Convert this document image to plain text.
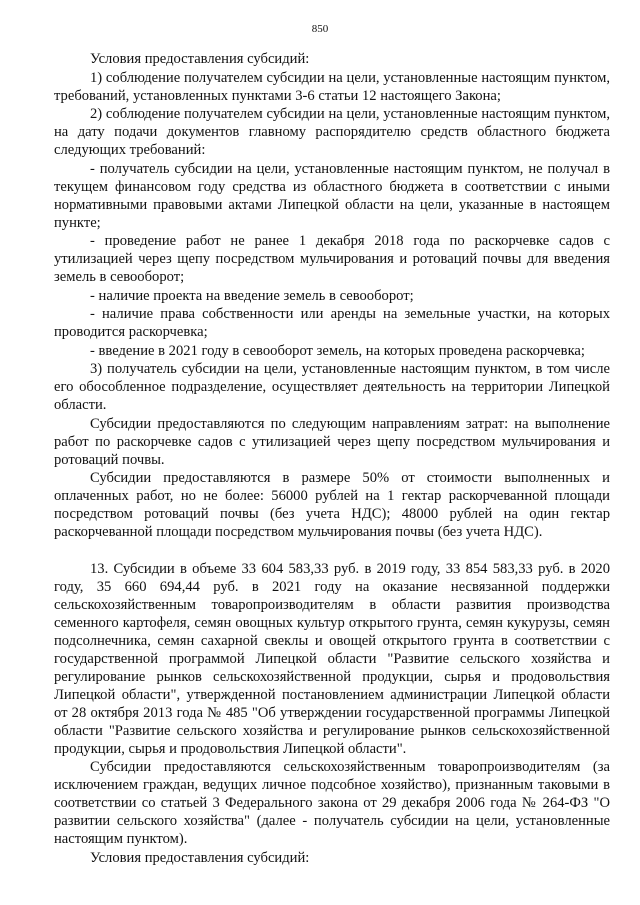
850

Условия предоставления субсидий:

1) соблюдение получателем субсидии на цели, установленные настоящим пунктом, требований, установленных пунктами 3-6 статьи 12 настоящего Закона;

2) соблюдение получателем субсидии на цели, установленные настоящим пунктом, на дату подачи документов главному распорядителю средств областного бюджета следующих требований:

- получатель субсидии на цели, установленные настоящим пунктом, не получал в текущем финансовом году средства из областного бюджета в соответствии с иными нормативными правовыми актами Липецкой области на цели, указанные в настоящем пункте;

- проведение работ не ранее 1 декабря 2018 года по раскорчевке садов с утилизацией через щепу посредством мульчирования и ротоваций почвы для введения земель в севооборот;

- наличие проекта на введение земель в севооборот;

- наличие права собственности или аренды на земельные участки, на которых проводится раскорчевка;

- введение в 2021 году в севооборот земель, на которых проведена раскорчевка;

3) получатель субсидии на цели, установленные настоящим пунктом, в том числе его обособленное подразделение, осуществляет деятельность на территории Липецкой области.

Субсидии предоставляются по следующим направлениям затрат: на выполнение работ по раскорчевке садов с утилизацией через щепу посредством мульчирования и ротоваций почвы.

Субсидии предоставляются в размере 50% от стоимости выполненных и оплаченных работ, но не более: 56000 рублей на 1 гектар раскорчеванной площади посредством ротоваций почвы (без учета НДС); 48000 рублей на один гектар раскорчеванной площади посредством мульчирования почвы (без учета НДС).

13. Субсидии в объеме 33 604 583,33 руб. в 2019 году, 33 854 583,33 руб. в 2020 году, 35 660 694,44 руб. в 2021 году на оказание несвязанной поддержки сельскохозяйственным товаропроизводителям в области развития производства семенного картофеля, семян овощных культур открытого грунта, семян кукурузы, семян подсолнечника, семян сахарной свеклы и овощей открытого грунта в соответствии с государственной программой Липецкой области "Развитие сельского хозяйства и регулирование рынков сельскохозяйственной продукции, сырья и продовольствия Липецкой области", утвержденной постановлением администрации Липецкой области от 28 октября 2013 года № 485 "Об утверждении государственной программы Липецкой области "Развитие сельского хозяйства и регулирование рынков сельскохозяйственной продукции, сырья и продовольствия Липецкой области".

Субсидии предоставляются сельскохозяйственным товаропроизводителям (за исключением граждан, ведущих личное подсобное хозяйство), признанным таковыми в соответствии со статьей 3 Федерального закона от 29 декабря 2006 года № 264-ФЗ "О развитии сельского хозяйства" (далее - получатель субсидии на цели, установленные настоящим пунктом).

Условия предоставления субсидий:
